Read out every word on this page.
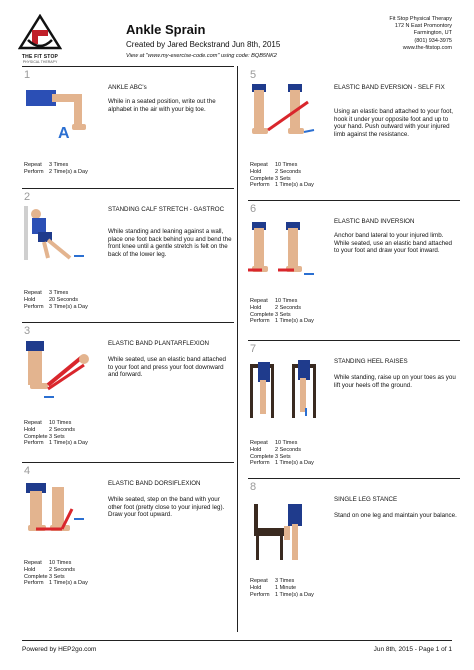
THE FIT STOP
PHYSICAL THERAPY
Ankle Sprain
Created by Jared Beckstrand Jun 8th, 2015
View at "www.my-exercise-code.com" using code: BQB5NK2
Fit Stop Physical Therapy
172 N East Promontory
Farmington, UT
(801) 934-3975
www.the-fitstop.com
1
A
ANKLE ABC's
While in a seated position, write out the alphabet in the air with your big toe.
Repeat	3 Times
Perform 2 Time(s) a Day
2
STANDING CALF STRETCH - GASTROC
While standing and leaning against a wall, place one foot back behind you and bend the front knee until a gentle stretch is felt on the back of the lower leg.
Repeat	3 Times
Hold	20 Seconds
Perform 3 Time(s) a Day
3
ELASTIC BAND PLANTARFLEXION
While seated, use an elastic band attached to your foot and press your foot downward and forward.
Repeat	10 Times
Hold	2 Seconds
Complete 3 Sets
Perform 1 Time(s) a Day
4
ELASTIC BAND DORSIFLEXION
While seated, step on the band with your other foot (pretty close to your injured leg). Draw your foot upward.
Repeat	10 Times
Hold	2 Seconds
Complete 3 Sets
Perform 1 Time(s) a Day
5
ELASTIC BAND EVERSION - SELF FIX
Using an elastic band attached to your foot, hook it under your opposite foot and up to your hand. Push outward with your injured limb against the resistance.
Repeat	10 Times
Hold	2 Seconds
Complete 3 Sets
Perform 1 Time(s) a Day
6
ELASTIC BAND INVERSION
Anchor band lateral to your injured limb. While seated, use an elastic band attached to your foot and draw your foot inward.
Repeat	10 Times
Hold	2 Seconds
Complete 3 Sets
Perform 1 Time(s) a Day
7
STANDING HEEL RAISES
While standing, raise up on your toes as you lift your heels off the ground.
Repeat	10 Times
Hold	2 Seconds
Complete 3 Sets
Perform 1 Time(s) a Day
8
SINGLE LEG STANCE
Stand on one leg and maintain your balance.
Repeat	3 Times
Hold	1 Minute
Perform 1 Time(s) a Day
Powered by HEP2go.com	Jun 8th, 2015 - Page 1 of 1
